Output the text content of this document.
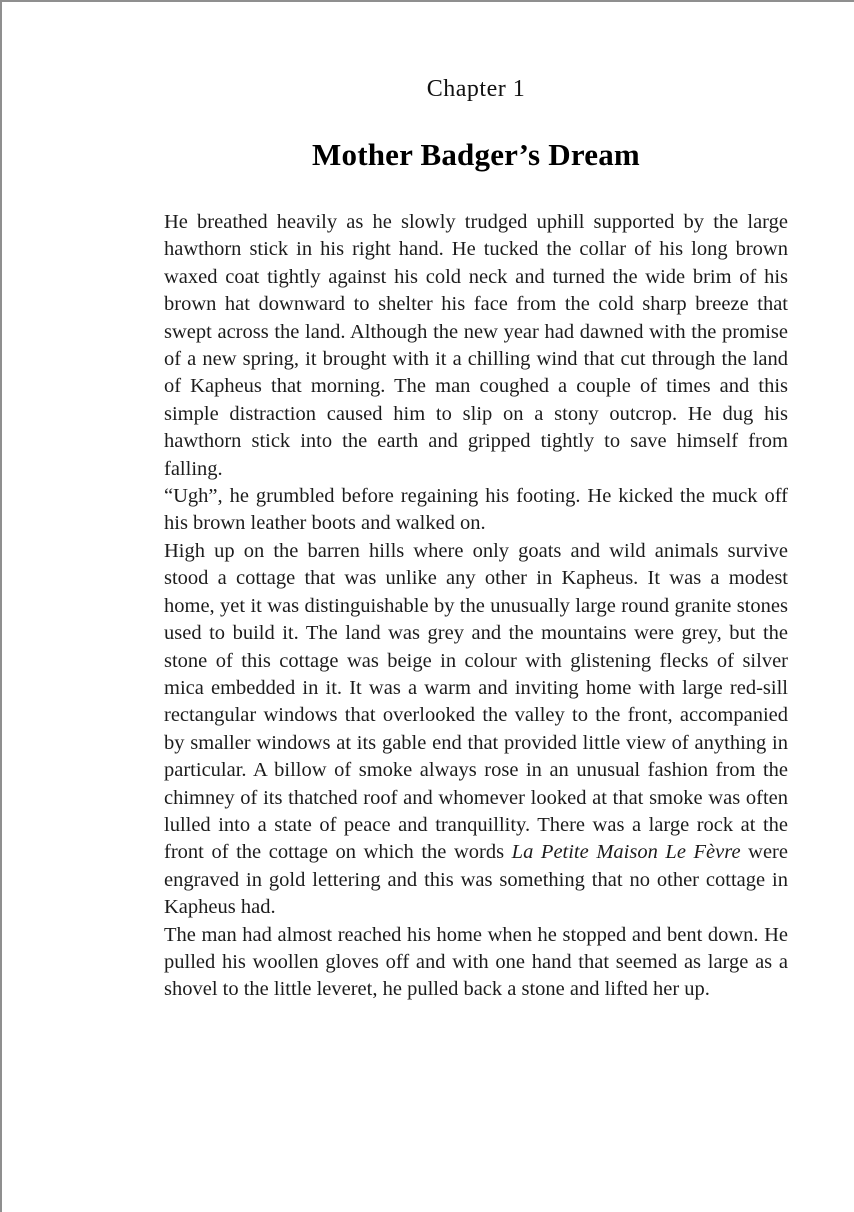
Chapter 1
Mother Badger’s Dream

He breathed heavily as he slowly trudged uphill supported by the large hawthorn stick in his right hand. He tucked the collar of his long brown waxed coat tightly against his cold neck and turned the wide brim of his brown hat downward to shelter his face from the cold sharp breeze that swept across the land. Although the new year had dawned with the promise of a new spring, it brought with it a chilling wind that cut through the land of Kapheus that morning. The man coughed a couple of times and this simple distraction caused him to slip on a stony outcrop. He dug his hawthorn stick into the earth and gripped tightly to save himself from falling.

“Ugh”, he grumbled before regaining his footing. He kicked the muck off his brown leather boots and walked on.

High up on the barren hills where only goats and wild animals survive stood a cottage that was unlike any other in Kapheus. It was a modest home, yet it was distinguishable by the unusually large round granite stones used to build it. The land was grey and the mountains were grey, but the stone of this cottage was beige in colour with glistening flecks of silver mica embedded in it. It was a warm and inviting home with large red-sill rectangular windows that overlooked the valley to the front, accompanied by smaller windows at its gable end that provided little view of anything in particular. A billow of smoke always rose in an unusual fashion from the chimney of its thatched roof and whomever looked at that smoke was often lulled into a state of peace and tranquillity. There was a large rock at the front of the cottage on which the words La Petite Maison Le Fèvre were engraved in gold lettering and this was something that no other cottage in Kapheus had.

The man had almost reached his home when he stopped and bent down. He pulled his woollen gloves off and with one hand that seemed as large as a shovel to the little leveret, he pulled back a stone and lifted her up.
